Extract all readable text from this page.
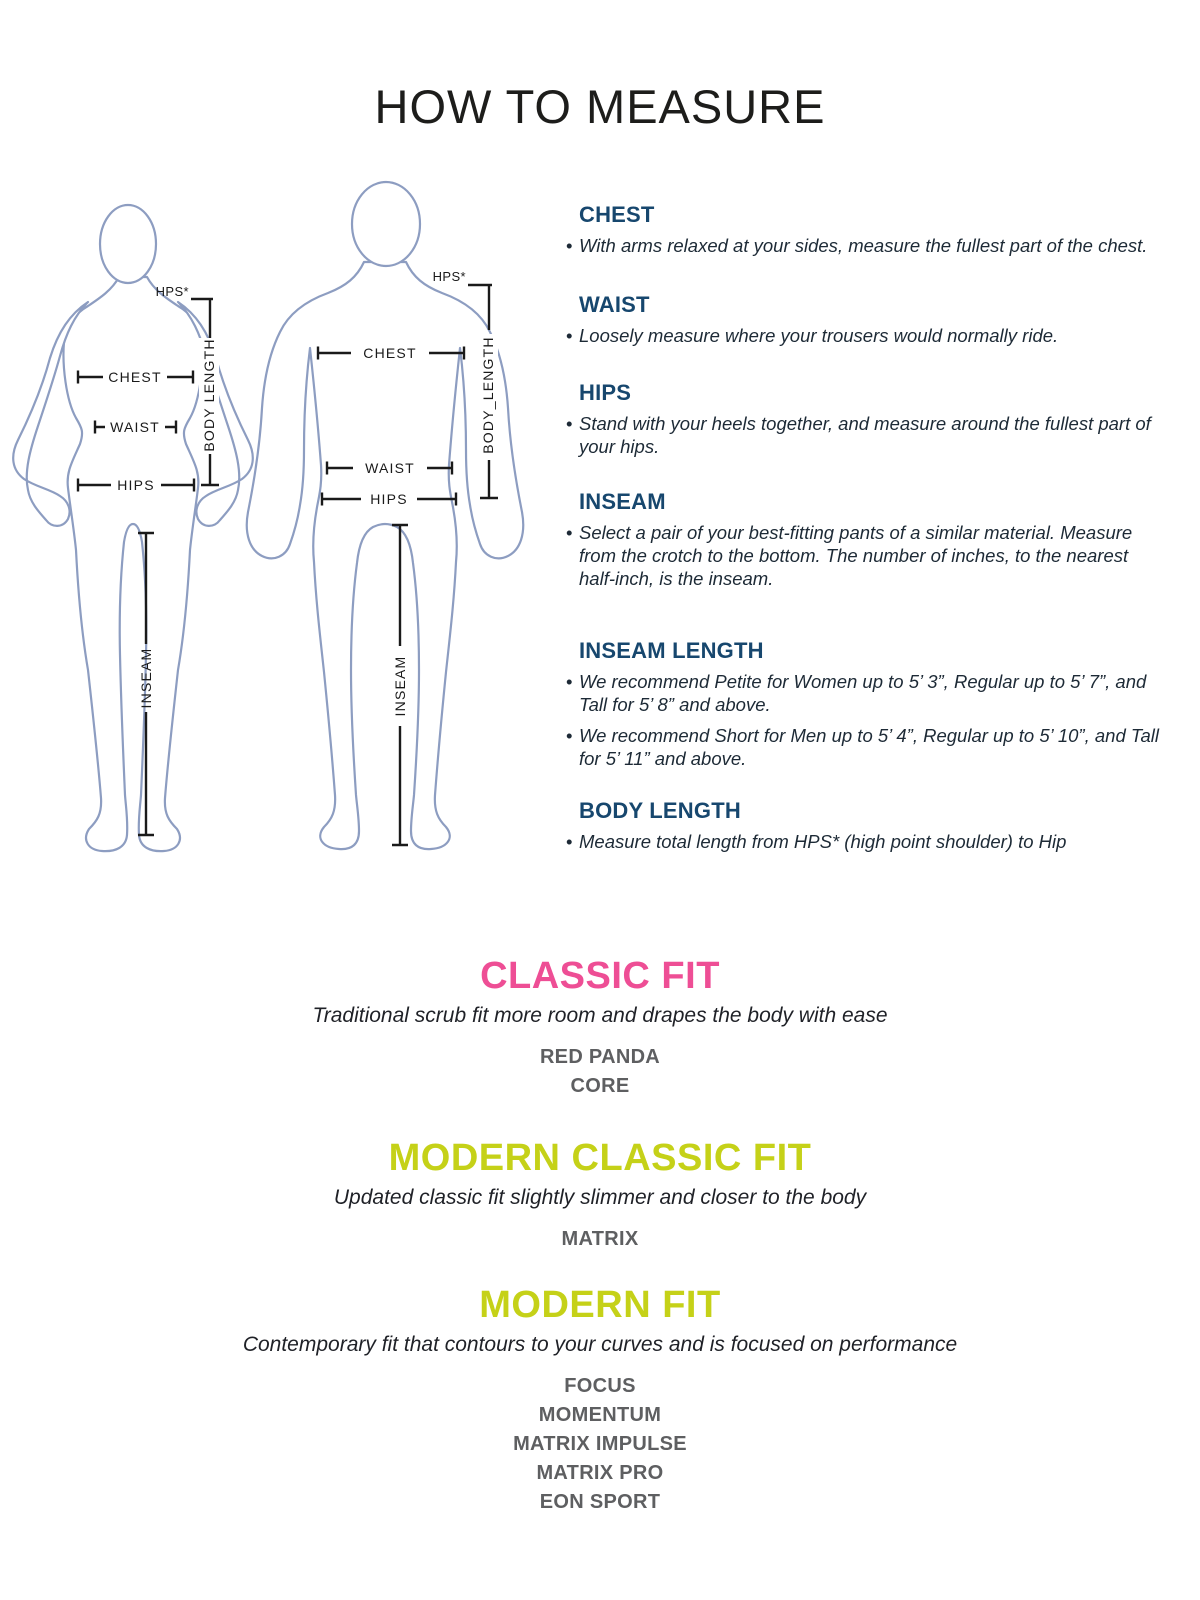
HOW TO MEASURE
HPS*
CHEST
WAIST
HIPS
BODY LENGTH
INSEAM
HPS*
CHEST
WAIST
HIPS
BODY_LENGTH
INSEAM
CHEST

• With arms relaxed at your sides, measure the fullest part of the chest.

WAIST

• Loosely measure where your trousers would normally ride.

HIPS

• Stand with your heels together, and measure around the fullest part of your hips.

INSEAM

• Select a pair of your best-fitting pants of a similar material. Measure from the crotch to the bottom. The number of inches, to the nearest half-inch, is the inseam.

INSEAM LENGTH

• We recommend Petite for Women up to 5’ 3”, Regular up to 5’ 7”, and Tall for 5’ 8” and above.

• We recommend Short for Men up to 5’ 4”, Regular up to 5’ 10”, and Tall for 5’ 11” and above.

BODY LENGTH

• Measure total length from HPS* (high point shoulder) to Hip

CLASSIC FIT

Traditional scrub fit more room and drapes the body with ease

RED PANDA
CORE
MODERN CLASSIC FIT

Updated classic fit slightly slimmer and closer to the body

MATRIX
MODERN FIT

Contemporary fit that contours to your curves and is focused on performance

FOCUS
MOMENTUM
MATRIX IMPULSE
MATRIX PRO
EON SPORT
